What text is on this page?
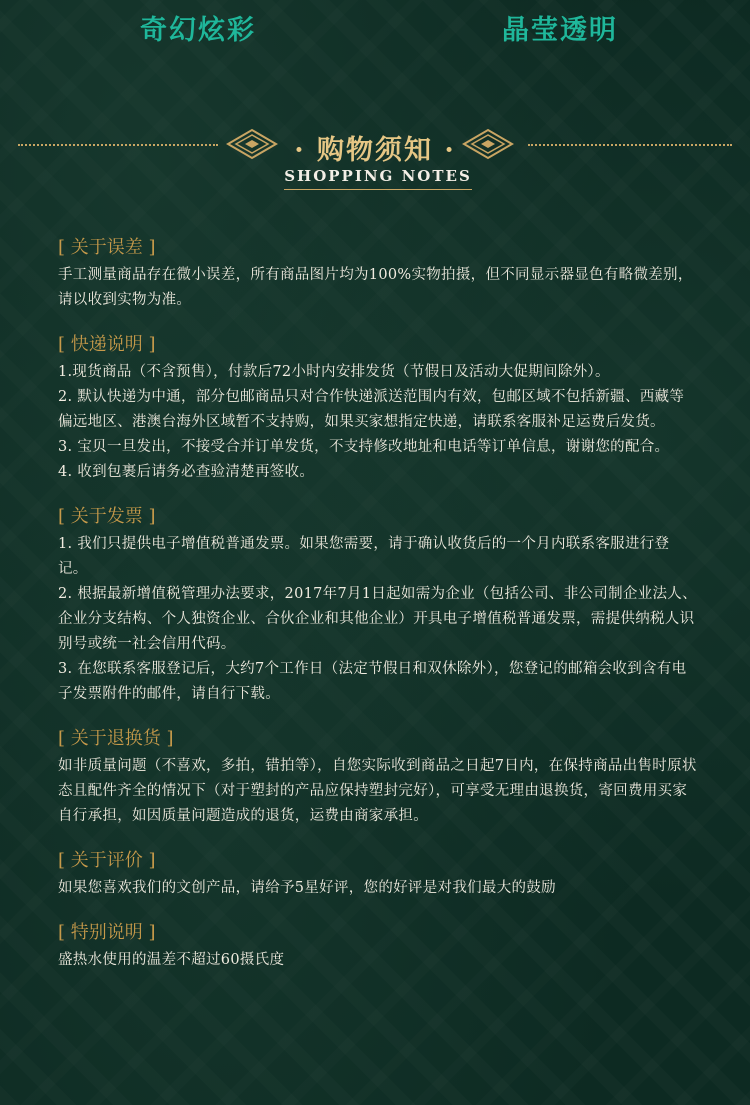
奇幻炫彩	晶莹透明
· 购物须知 ·
SHOPPING NOTES
[ 关于误差 ]

手工测量商品存在微小误差，所有商品图片均为100%实物拍摄，但不同显示器显色有略微差别，请以收到实物为准。

[ 快递说明 ]

1.现货商品（不含预售），付款后72小时内安排发货（节假日及活动大促期间除外）。

2. 默认快递为中通，部分包邮商品只对合作快递派送范围内有效，包邮区域不包括新疆、西藏等偏远地区、港澳台海外区域暂不支持购，如果买家想指定快递，请联系客服补足运费后发货。

3. 宝贝一旦发出，不接受合并订单发货，不支持修改地址和电话等订单信息，谢谢您的配合。

4. 收到包裹后请务必查验清楚再签收。

[ 关于发票 ]

1. 我们只提供电子增值税普通发票。如果您需要，请于确认收货后的一个月内联系客服进行登记。

2. 根据最新增值税管理办法要求，2017年7月1日起如需为企业（包括公司、非公司制企业法人、企业分支结构、个人独资企业、合伙企业和其他企业）开具电子增值税普通发票，需提供纳税人识别号或统一社会信用代码。

3. 在您联系客服登记后，大约7个工作日（法定节假日和双休除外），您登记的邮箱会收到含有电子发票附件的邮件，请自行下载。

[ 关于退换货 ]

如非质量问题（不喜欢，多拍，错拍等），自您实际收到商品之日起7日内，在保持商品出售时原状态且配件齐全的情况下（对于塑封的产品应保持塑封完好），可享受无理由退换货，寄回费用买家自行承担，如因质量问题造成的退货，运费由商家承担。

[ 关于评价 ]

如果您喜欢我们的文创产品，请给予5星好评，您的好评是对我们最大的鼓励

[ 特别说明 ]

盛热水使用的温差不超过60摄氏度
